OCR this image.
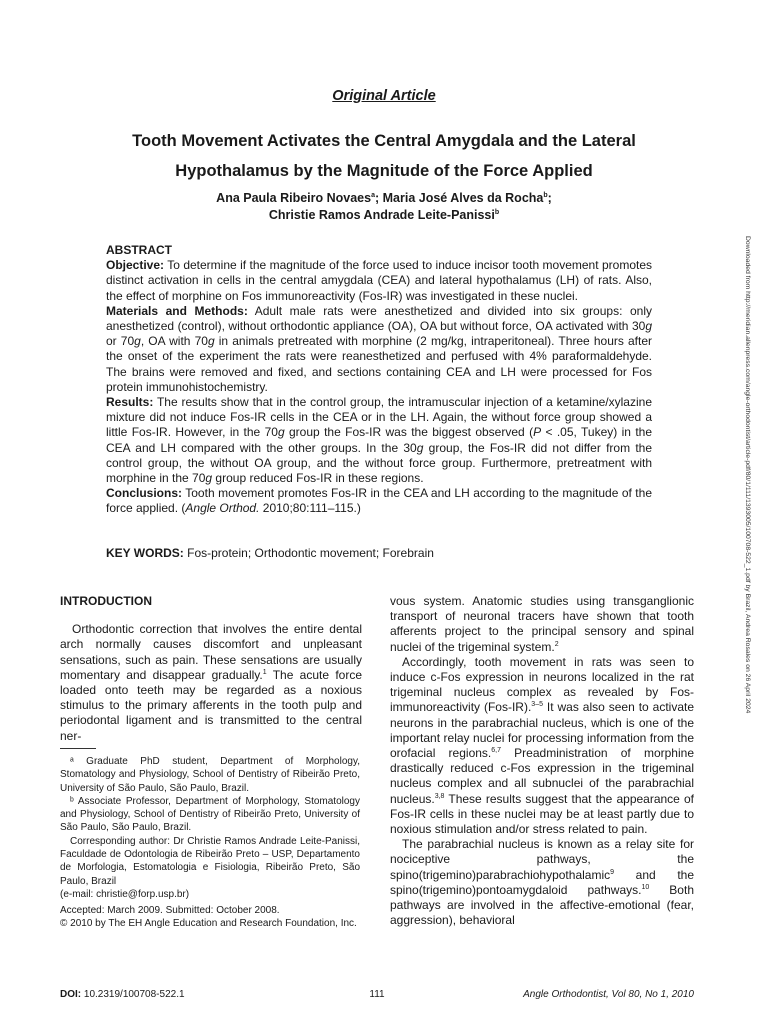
Original Article
Tooth Movement Activates the Central Amygdala and the Lateral
Hypothalamus by the Magnitude of the Force Applied
Ana Paula Ribeiro Novaes$^a$; Maria José Alves da Rocha$^b$;
Christie Ramos Andrade Leite-Panissi$^b$

ABSTRACT

Objective: To determine if the magnitude of the force used to induce incisor tooth movement promotes distinct activation in cells in the central amygdala (CEA) and lateral hypothalamus (LH) of rats. Also, the effect of morphine on Fos immunoreactivity (Fos-IR) was investigated in these nuclei.

Materials and Methods: Adult male rats were anesthetized and divided into six groups: only anesthetized (control), without orthodontic appliance (OA), OA but without force, OA activated with 30g or 70g, OA with 70g in animals pretreated with morphine (2 mg/kg, intraperitoneal). Three hours after the onset of the experiment the rats were reanesthetized and perfused with 4% paraformaldehyde. The brains were removed and fixed, and sections containing CEA and LH were processed for Fos protein immunohistochemistry.

Results: The results show that in the control group, the intramuscular injection of a ketamine/xylazine mixture did not induce Fos-IR cells in the CEA or in the LH. Again, the without force group showed a little Fos-IR. However, in the 70g group the Fos-IR was the biggest observed (P < .05, Tukey) in the CEA and LH compared with the other groups. In the 30g group, the Fos-IR did not differ from the control group, the without OA group, and the without force group. Furthermore, pretreatment with morphine in the 70g group reduced Fos-IR in these regions.

Conclusions: Tooth movement promotes Fos-IR in the CEA and LH according to the magnitude of the force applied. (Angle Orthod. 2010;80:111–115.)

KEY WORDS: Fos-protein; Orthodontic movement; Forebrain

INTRODUCTION

Orthodontic correction that involves the entire dental arch normally causes discomfort and unpleasant sensations, such as pain. These sensations are usually momentary and disappear gradually.$^1$ The acute force loaded onto teeth may be regarded as a noxious stimulus to the primary afferents in the tooth pulp and periodontal ligament and is transmitted to the central ner-

ᵃ Graduate PhD student, Department of Morphology, Stomatology and Physiology, School of Dentistry of Ribeirão Preto, University of São Paulo, São Paulo, Brazil.

ᵇ Associate Professor, Department of Morphology, Stomatology and Physiology, School of Dentistry of Ribeirão Preto, University of São Paulo, São Paulo, Brazil.

Corresponding author: Dr Christie Ramos Andrade Leite-Panissi, Faculdade de Odontologia de Ribeirão Preto – USP, Departamento de Morfologia, Estomatologia e Fisiologia, Ribeirão Preto, São Paulo, Brazil

(e-mail: christie@forp.usp.br)

Accepted: March 2009. Submitted: October 2008.

© 2010 by The EH Angle Education and Research Foundation, Inc.

vous system. Anatomic studies using transganglionic transport of neuronal tracers have shown that tooth afferents project to the principal sensory and spinal nuclei of the trigeminal system.$^2$

Accordingly, tooth movement in rats was seen to induce c-Fos expression in neurons localized in the rat trigeminal nucleus complex as revealed by Fos-immunoreactivity (Fos-IR).$^{3-5}$ It was also seen to activate neurons in the parabrachial nucleus, which is one of the important relay nuclei for processing information from the orofacial regions.$^{6,7}$ Preadministration of morphine drastically reduced c-Fos expression in the trigeminal nucleus complex and all subnuclei of the parabrachial nucleus.$^{3,8}$ These results suggest that the appearance of Fos-IR cells in these nuclei may be at least partly due to noxious stimulation and/or stress related to pain.

The parabrachial nucleus is known as a relay site for nociceptive pathways, the spino(trigemino)parabrachiohypothalamic$^9$ and the spino(trigemino)pontoamygdaloid pathways.$^{10}$ Both pathways are involved in the affective-emotional (fear, aggression), behavioral

DOI: 10.2319/100708-522.1	111	Angle Orthodontist, Vol 80, No 1, 2010
Downloaded from http://meridian.allenpress.com/angle-orthodontist/article-pdf/80/1/111/1393005/100708-522_1.pdf by Brazil, Andrea Rosales on 26 April 2024
